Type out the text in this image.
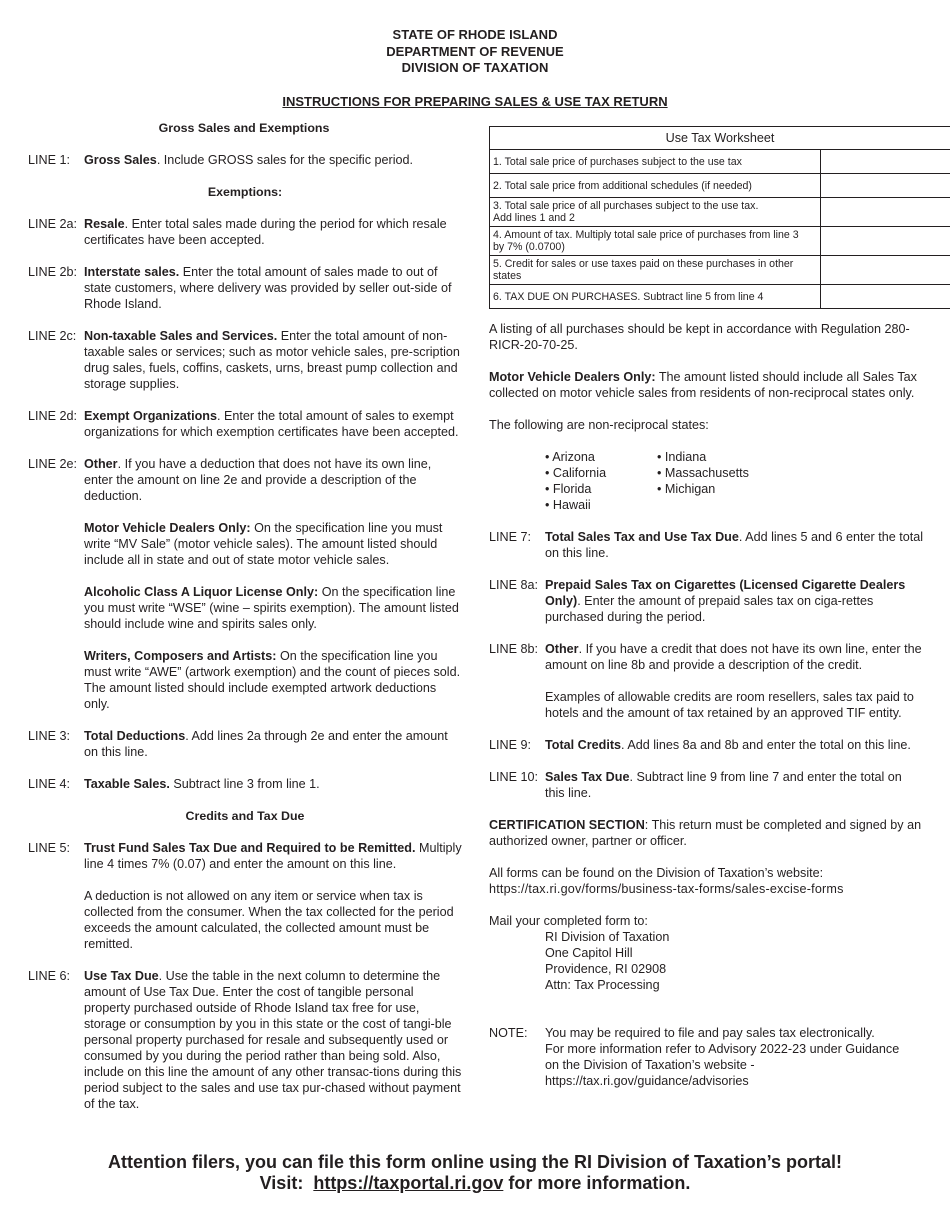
STATE OF RHODE ISLAND
DEPARTMENT OF REVENUE
DIVISION OF TAXATION
INSTRUCTIONS FOR PREPARING SALES & USE TAX RETURN
Gross Sales and Exemptions
LINE 1:	Gross Sales. Include GROSS sales for the specific period.
Exemptions:
LINE 2a: Resale. Enter total sales made during the period for which resale certificates have been accepted.
LINE 2b: Interstate sales. Enter the total amount of sales made to out of state customers, where delivery was provided by seller out-side of Rhode Island.
LINE 2c: Non-taxable Sales and Services. Enter the total amount of non-taxable sales or services; such as motor vehicle sales, pre-scription drug sales, fuels, coffins, caskets, urns, breast pump collection and storage supplies.
LINE 2d: Exempt Organizations. Enter the total amount of sales to exempt organizations for which exemption certificates have been accepted.
LINE 2e: Other. If you have a deduction that does not have its own line, enter the amount on line 2e and provide a description of the deduction.

Motor Vehicle Dealers Only: On the specification line you must write “MV Sale” (motor vehicle sales). The amount listed should include all in state and out of state motor vehicle sales.

Alcoholic Class A Liquor License Only: On the specification line you must write “WSE” (wine – spirits exemption). The amount listed should include wine and spirits sales only.

Writers, Composers and Artists: On the specification line you must write “AWE” (artwork exemption) and the count of pieces sold. The amount listed should include exempted artwork deductions only.

LINE 3:	Total Deductions. Add lines 2a through 2e and enter the amount on this line.
LINE 4:	Taxable Sales. Subtract line 3 from line 1.
Credits and Tax Due
LINE 5:	Trust Fund Sales Tax Due and Required to be Remitted. Multiply line 4 times 7% (0.07) and enter the amount on this line.

A deduction is not allowed on any item or service when tax is collected from the consumer. When the tax collected for the period exceeds the amount calculated, the collected amount must be remitted.

LINE 6:	Use Tax Due. Use the table in the next column to determine the amount of Use Tax Due. Enter the cost of tangible personal property purchased outside of Rhode Island tax free for use, storage or consumption by you in this state or the cost of tangi-ble personal property purchased for resale and subsequently used or consumed by you during the period rather than being sold. Also, include on this line the amount of any other transac-tions during this period subject to the sales and use tax pur-chased without payment of the tax.
Use Tax Worksheet	
1. Total sale price of purchases subject to the use tax	
2. Total sale price from additional schedules (if needed)	
3. Total sale price of all purchases subject to the use tax.
Add lines 1 and 2	
4. Amount of tax. Multiply total sale price of purchases from line 3
by 7% (0.0700)	
5. Credit for sales or use taxes paid on these purchases in other
states	
6. TAX DUE ON PURCHASES. Subtract line 5 from line 4	

A listing of all purchases should be kept in accordance with Regulation 280-RICR-20-70-25.

Motor Vehicle Dealers Only: The amount listed should include all Sales Tax collected on motor vehicle sales from residents of non-reciprocal states only.

The following are non-reciprocal states:

• Arizona
• California
• Florida
• Hawaii
• Indiana
• Massachusetts
• Michigan
LINE 7:	Total Sales Tax and Use Tax Due. Add lines 5 and 6 enter the total on this line.
LINE 8a: Prepaid Sales Tax on Cigarettes (Licensed Cigarette Dealers Only). Enter the amount of prepaid sales tax on ciga-rettes purchased during the period.
LINE 8b: Other. If you have a credit that does not have its own line, enter the amount on line 8b and provide a description of the credit.

Examples of allowable credits are room resellers, sales tax paid to hotels and the amount of tax retained by an approved TIF entity.

LINE 9:	Total Credits. Add lines 8a and 8b and enter the total on this line.
LINE 10: Sales Tax Due. Subtract line 9 from line 7 and enter the total on this line.

CERTIFICATION SECTION: This return must be completed and signed by an authorized owner, partner or officer.

All forms can be found on the Division of Taxation’s website:

https://tax.ri.gov/forms/business-tax-forms/sales-excise-forms

Mail your completed form to:

RI Division of Taxation
One Capitol Hill
Providence, RI 02908
Attn: Tax Processing
NOTE: You may be required to file and pay sales tax electronically.
For more information refer to Advisory 2022-23 under Guidance
on the Division of Taxation’s website -
https://tax.ri.gov/guidance/advisories
Attention filers, you can file this form online using the RI Division of Taxation’s portal!
Visit: https://taxportal.ri.gov for more information.
